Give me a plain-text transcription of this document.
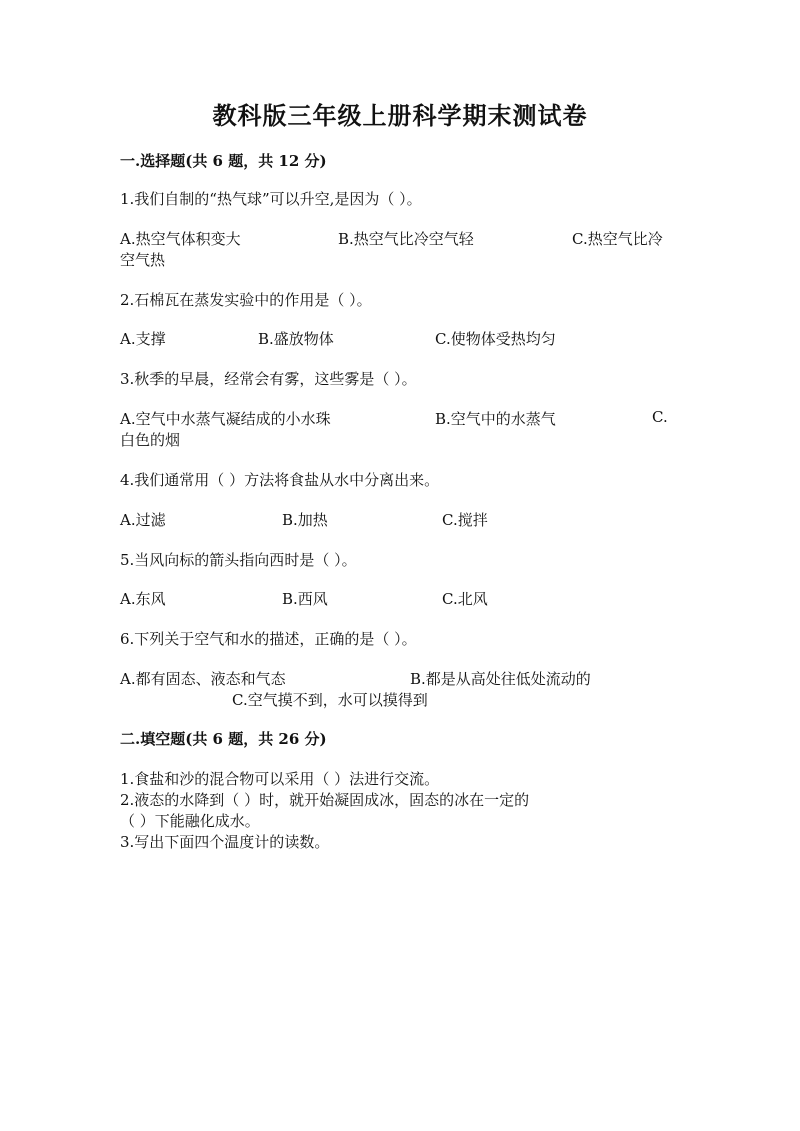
教科版三年级上册科学期末测试卷
一.选择题(共 6 题，共 12 分)
1.我们自制的“热气球”可以升空,是因为（ ）。
A.热空气体积变大	B.热空气比冷空气轻	C.热空气比冷
空气热
2.石棉瓦在蒸发实验中的作用是（ ）。
A.支撑	B.盛放物体	C.使物体受热均匀
3.秋季的早晨，经常会有雾，这些雾是（ ）。
A.空气中水蒸气凝结成的小水珠	B.空气中的水蒸气	C.
白色的烟
4.我们通常用（ ）方法将食盐从水中分离出来。
A.过滤	B.加热	C.搅拌
5.当风向标的箭头指向西时是（ ）。
A.东风	B.西风	C.北风
6.下列关于空气和水的描述，正确的是（ ）。
A.都有固态、液态和气态	B.都是从高处往低处流动的
C.空气摸不到，水可以摸得到
二.填空题(共 6 题，共 26 分)
1.食盐和沙的混合物可以采用（ ）法进行交流。
2.液态的水降到（ ）时，就开始凝固成冰，固态的冰在一定的
（ ）下能融化成水。
3.写出下面四个温度计的读数。
